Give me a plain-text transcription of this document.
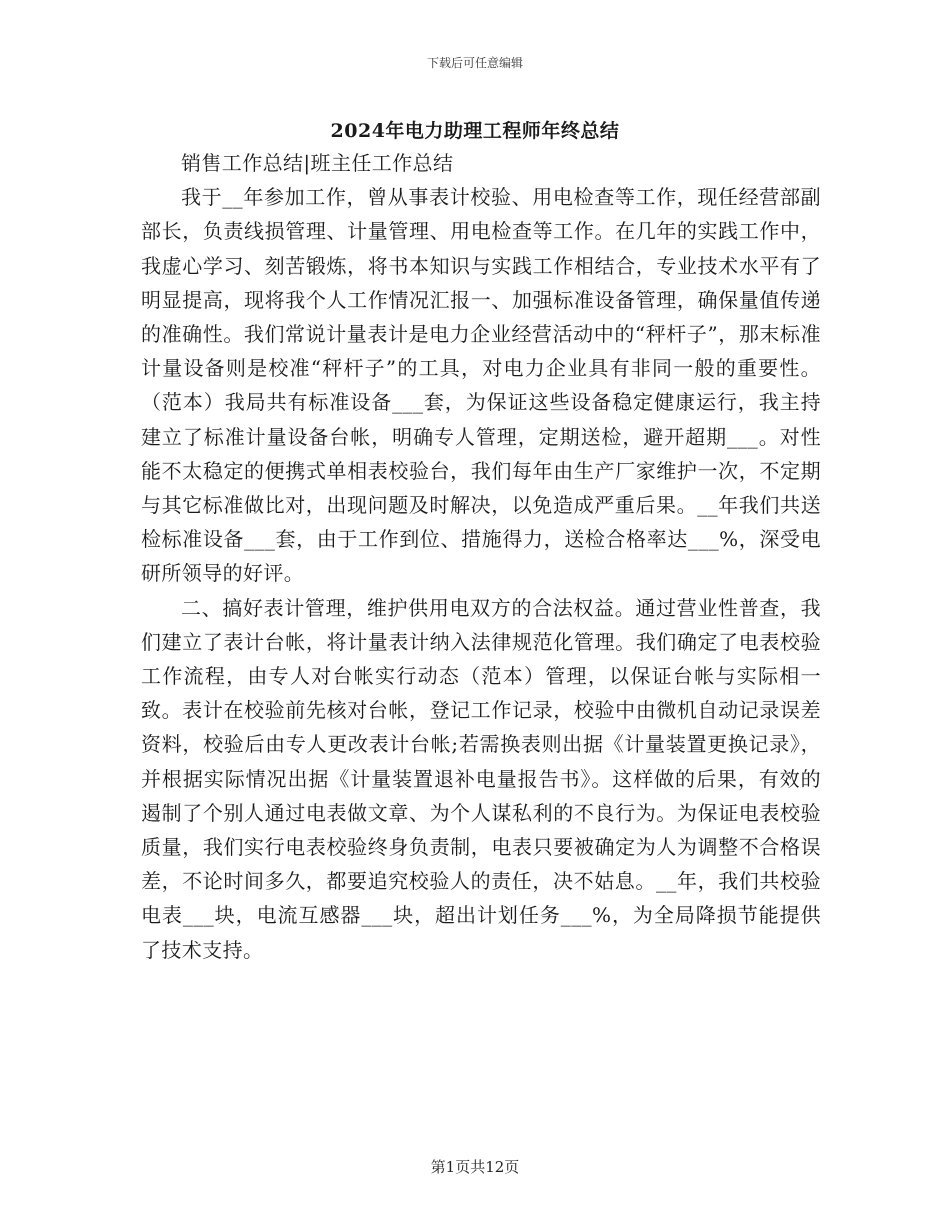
下载后可任意编辑
2024年电力助理工程师年终总结

销售工作总结|班主任工作总结

我于__年参加工作，曾从事表计校验、用电检查等工作，现任经营部副部长，负责线损管理、计量管理、用电检查等工作。在几年的实践工作中，我虚心学习、刻苦锻炼，将书本知识与实践工作相结合，专业技术水平有了明显提高，现将我个人工作情况汇报一、加强标准设备管理，确保量值传递的准确性。我们常说计量表计是电力企业经营活动中的“秤杆子”，那末标准计量设备则是校准“秤杆子”的工具，对电力企业具有非同一般的重要性。（范本）我局共有标准设备___套，为保证这些设备稳定健康运行，我主持建立了标准计量设备台帐，明确专人管理，定期送检，避开超期___。对性能不太稳定的便携式单相表校验台，我们每年由生产厂家维护一次，不定期与其它标准做比对，出现问题及时解决，以免造成严重后果。__年我们共送检标准设备___套，由于工作到位、措施得力，送检合格率达___%，深受电研所领导的好评。

二、搞好表计管理，维护供用电双方的合法权益。通过营业性普查，我们建立了表计台帐，将计量表计纳入法律规范化管理。我们确定了电表校验工作流程，由专人对台帐实行动态（范本）管理，以保证台帐与实际相一致。表计在校验前先核对台帐，登记工作记录，校验中由微机自动记录误差资料，校验后由专人更改表计台帐;若需换表则出据《计量装置更换记录》，并根据实际情况出据《计量装置退补电量报告书》。这样做的后果，有效的遏制了个别人通过电表做文章、为个人谋私利的不良行为。为保证电表校验质量，我们实行电表校验终身负责制，电表只要被确定为人为调整不合格误差，不论时间多久，都要追究校验人的责任，决不姑息。__年，我们共校验电表___块，电流互感器___块，超出计划任务___%，为全局降损节能提供了技术支持。

第1页共12页
